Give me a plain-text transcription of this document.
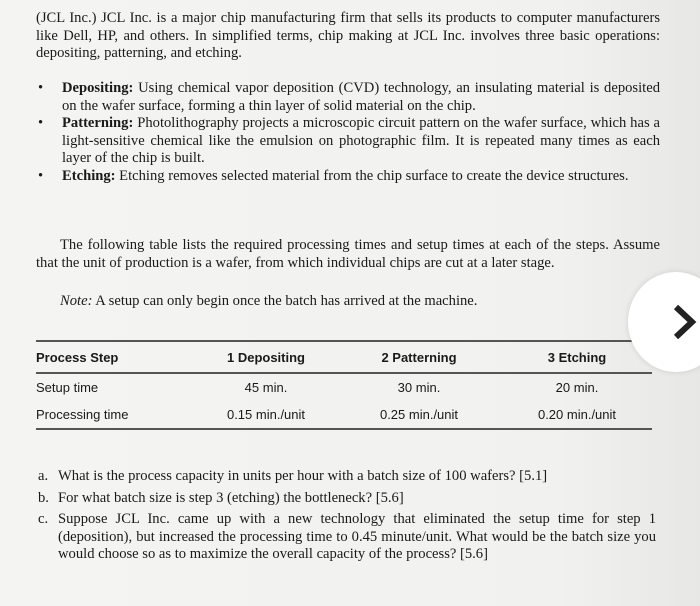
(JCL Inc.) JCL Inc. is a major chip manufacturing firm that sells its products to computer manufacturers like Dell, HP, and others. In simplified terms, chip making at JCL Inc. involves three basic operations: depositing, patterning, and etching.

• Depositing: Using chemical vapor deposition (CVD) technology, an insulating material is deposited on the wafer surface, forming a thin layer of solid material on the chip.
• Patterning: Photolithography projects a microscopic circuit pattern on the wafer surface, which has a light-sensitive chemical like the emulsion on photographic film. It is repeated many times as each layer of the chip is built.
• Etching: Etching removes selected material from the chip surface to create the device structures.

The following table lists the required processing times and setup times at each of the steps. Assume that the unit of production is a wafer, from which individual chips are cut at a later stage.

Note: A setup can only begin once the batch has arrived at the machine.
Process Step	1 Depositing	2 Patterning	3 Etching
Setup time	45 min.	30 min.	20 min.
Processing time	0.15 min./unit	0.25 min./unit	0.20 min./unit
a. What is the process capacity in units per hour with a batch size of 100 wafers? [5.1]
b. For what batch size is step 3 (etching) the bottleneck? [5.6]
c. Suppose JCL Inc. came up with a new technology that eliminated the setup time for step 1 (deposition), but increased the processing time to 0.45 minute/unit. What would be the batch size you would choose so as to maximize the overall capacity of the process? [5.6]
